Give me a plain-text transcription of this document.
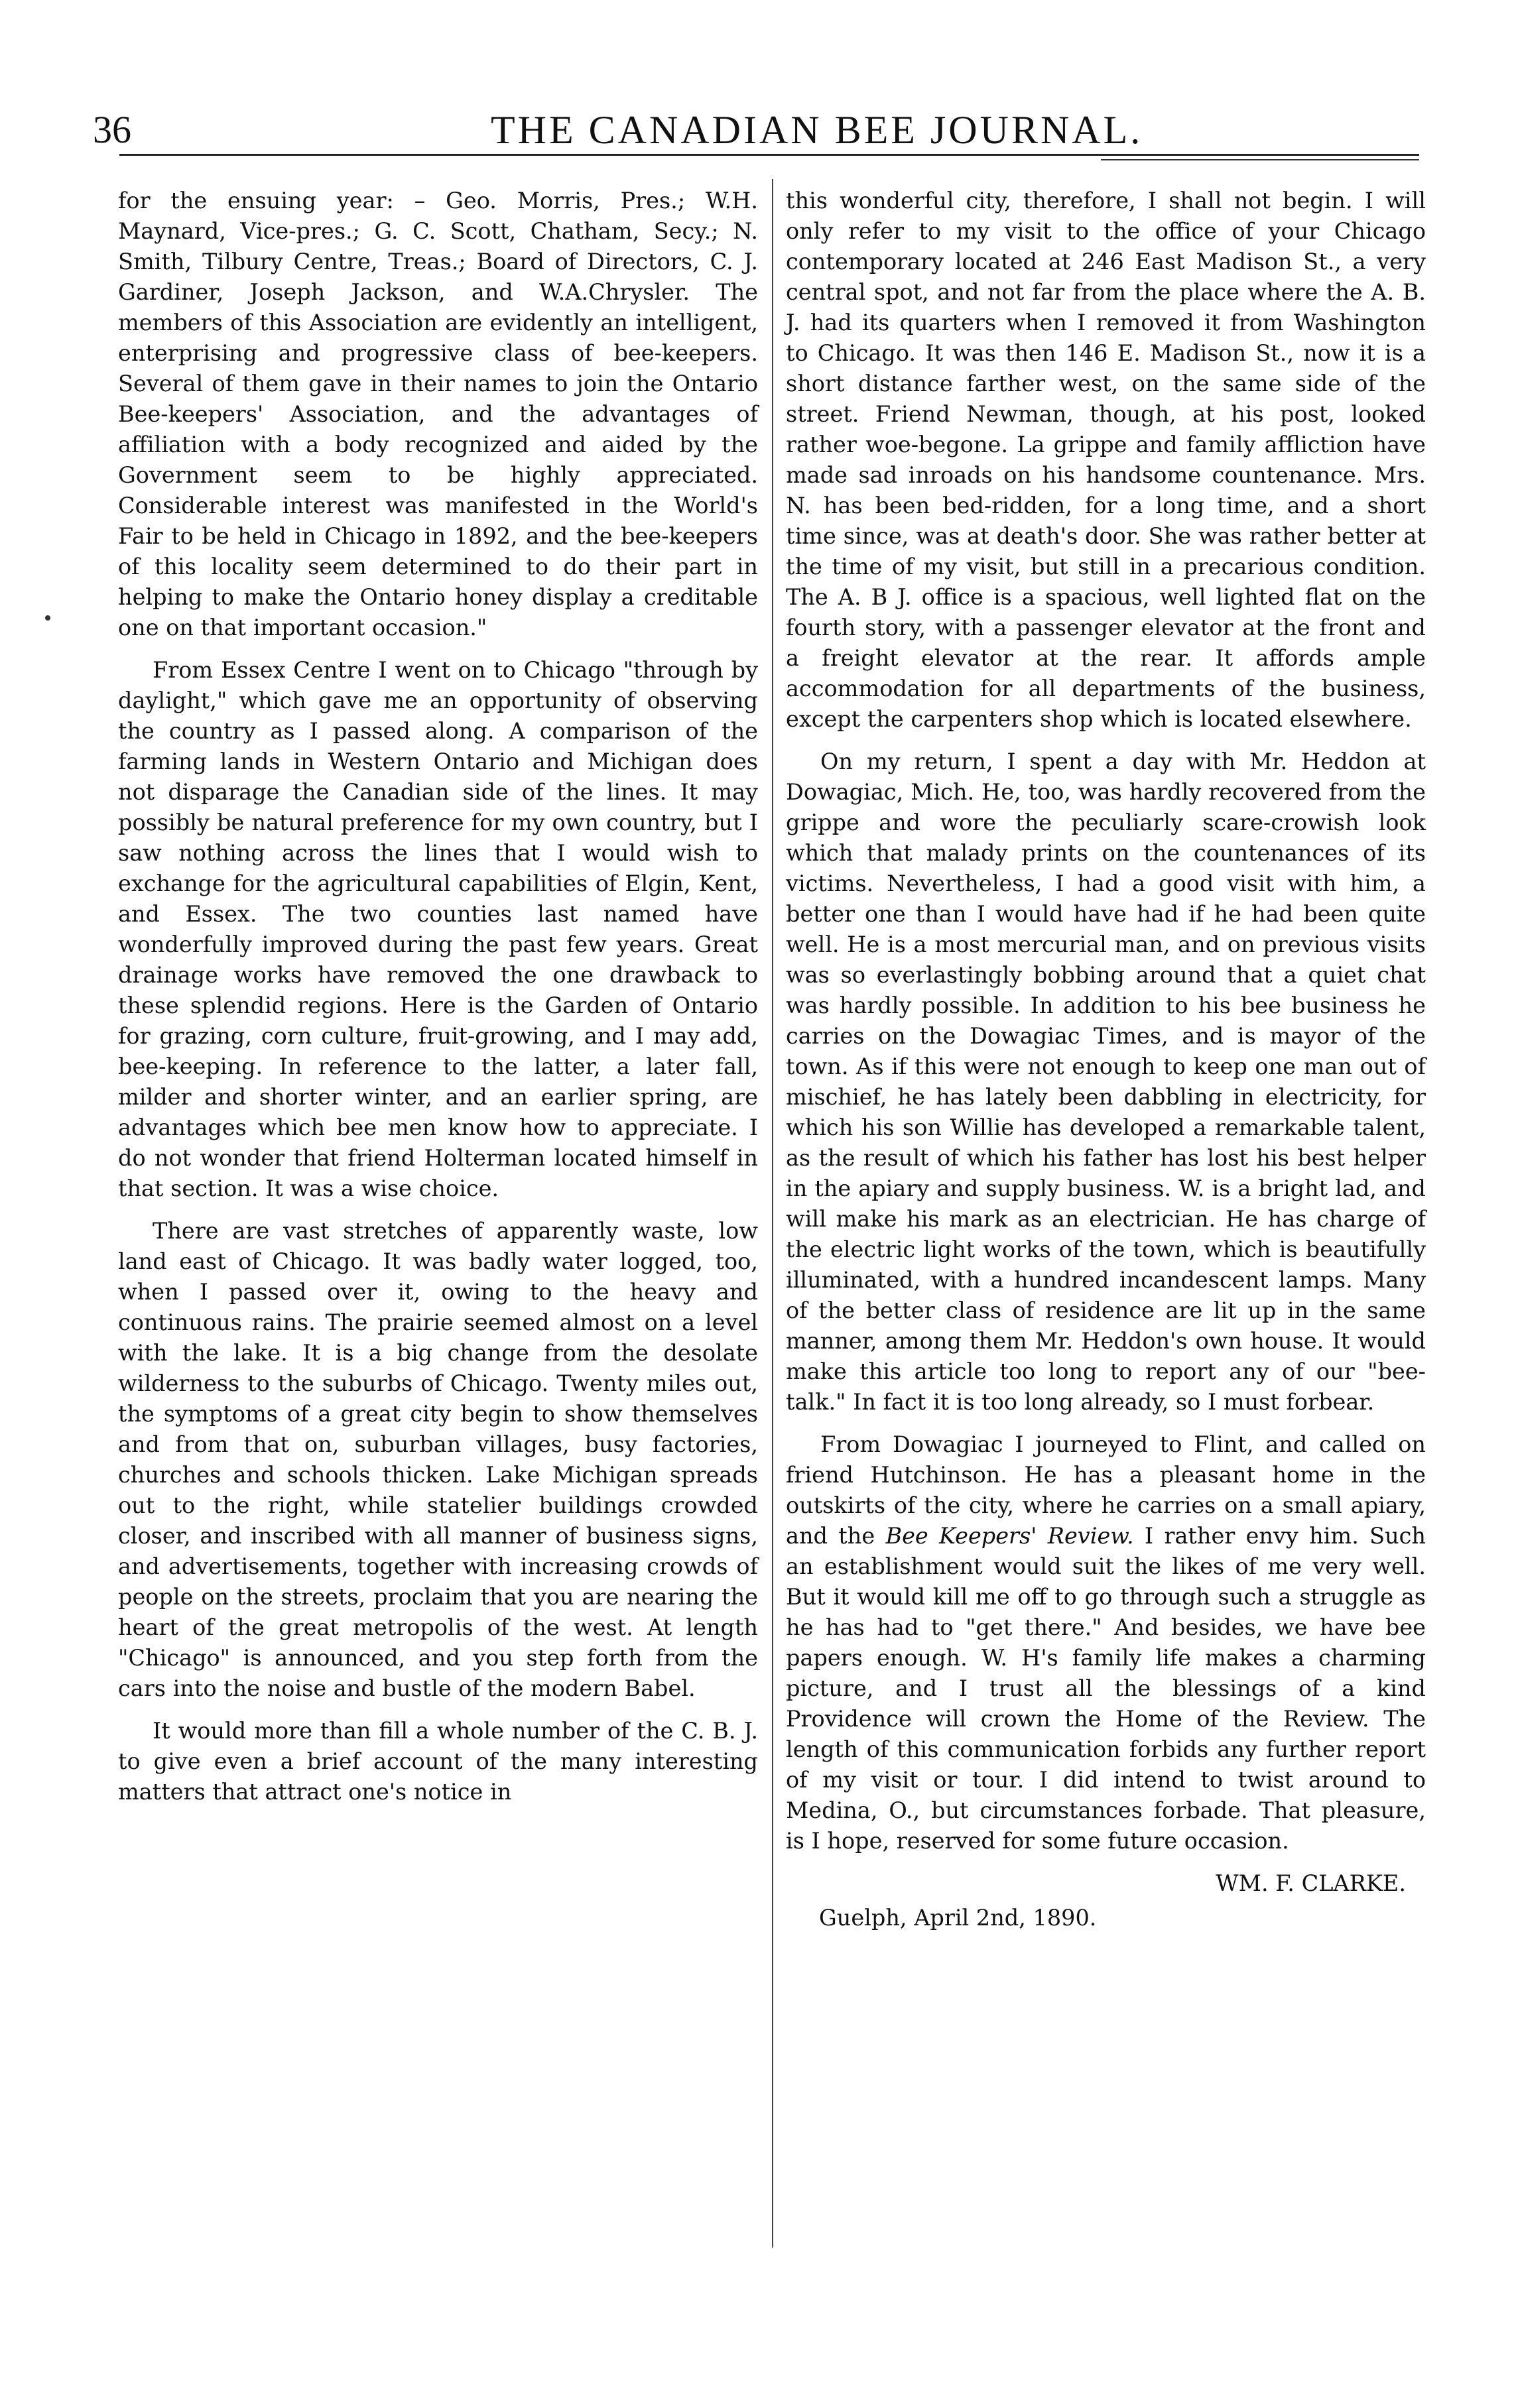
36	THE CANADIAN BEE JOURNAL.

for the ensuing year: – Geo. Morris, Pres.; W.H. Maynard, Vice-pres.; G. C. Scott, Chatham, Secy.; N. Smith, Tilbury Centre, Treas.; Board of Directors, C. J. Gardiner, Joseph Jackson, and W.A.Chrysler. The members of this Association are evidently an intelligent, enterprising and progressive class of bee-keepers. Several of them gave in their names to join the Ontario Bee-keepers' Association, and the advantages of affiliation with a body recognized and aided by the Government seem to be highly appreciated. Considerable interest was manifested in the World's Fair to be held in Chicago in 1892, and the bee-keepers of this locality seem determined to do their part in helping to make the Ontario honey display a creditable one on that important occasion."

From Essex Centre I went on to Chicago "through by daylight," which gave me an opportunity of observing the country as I passed along. A comparison of the farming lands in Western Ontario and Michigan does not disparage the Canadian side of the lines. It may possibly be natural preference for my own country, but I saw nothing across the lines that I would wish to exchange for the agricultural capabilities of Elgin, Kent, and Essex. The two counties last named have wonderfully improved during the past few years. Great drainage works have removed the one drawback to these splendid regions. Here is the Garden of Ontario for grazing, corn culture, fruit-growing, and I may add, bee-keeping. In reference to the latter, a later fall, milder and shorter winter, and an earlier spring, are advantages which bee men know how to appreciate. I do not wonder that friend Holterman located himself in that section. It was a wise choice.

There are vast stretches of apparently waste, low land east of Chicago. It was badly water logged, too, when I passed over it, owing to the heavy and continuous rains. The prairie seemed almost on a level with the lake. It is a big change from the desolate wilderness to the suburbs of Chicago. Twenty miles out, the symptoms of a great city begin to show themselves and from that on, suburban villages, busy factories, churches and schools thicken. Lake Michigan spreads out to the right, while statelier buildings crowded closer, and inscribed with all manner of business signs, and advertisements, together with increasing crowds of people on the streets, proclaim that you are nearing the heart of the great metropolis of the west. At length "Chicago" is announced, and you step forth from the cars into the noise and bustle of the modern Babel.

It would more than fill a whole number of the C. B. J. to give even a brief account of the many interesting matters that attract one's notice in

this wonderful city, therefore, I shall not begin. I will only refer to my visit to the office of your Chicago contemporary located at 246 East Madison St., a very central spot, and not far from the place where the A. B. J. had its quarters when I removed it from Washington to Chicago. It was then 146 E. Madison St., now it is a short distance farther west, on the same side of the street. Friend Newman, though, at his post, looked rather woe-begone. La grippe and family affliction have made sad inroads on his handsome countenance. Mrs. N. has been bed-ridden, for a long time, and a short time since, was at death's door. She was rather better at the time of my visit, but still in a precarious condition. The A. B J. office is a spacious, well lighted flat on the fourth story, with a passenger elevator at the front and a freight elevator at the rear. It affords ample accommodation for all departments of the business, except the carpenters shop which is located elsewhere.

On my return, I spent a day with Mr. Heddon at Dowagiac, Mich. He, too, was hardly recovered from the grippe and wore the peculiarly scare-crowish look which that malady prints on the countenances of its victims. Nevertheless, I had a good visit with him, a better one than I would have had if he had been quite well. He is a most mercurial man, and on previous visits was so everlastingly bobbing around that a quiet chat was hardly possible. In addition to his bee business he carries on the Dowagiac Times, and is mayor of the town. As if this were not enough to keep one man out of mischief, he has lately been dabbling in electricity, for which his son Willie has developed a remarkable talent, as the result of which his father has lost his best helper in the apiary and supply business. W. is a bright lad, and will make his mark as an electrician. He has charge of the electric light works of the town, which is beautifully illuminated, with a hundred incandescent lamps. Many of the better class of residence are lit up in the same manner, among them Mr. Heddon's own house. It would make this article too long to report any of our "bee-talk." In fact it is too long already, so I must forbear.

From Dowagiac I journeyed to Flint, and called on friend Hutchinson. He has a pleasant home in the outskirts of the city, where he carries on a small apiary, and the Bee Keepers' Review. I rather envy him. Such an establishment would suit the likes of me very well. But it would kill me off to go through such a struggle as he has had to "get there." And besides, we have bee papers enough. W. H's family life makes a charming picture, and I trust all the blessings of a kind Providence will crown the Home of the Review. The length of this communication forbids any further report of my visit or tour. I did intend to twist around to Medina, O., but circumstances forbade. That pleasure, is I hope, reserved for some future occasion.

WM. F. CLARKE.
Guelph, April 2nd, 1890.
